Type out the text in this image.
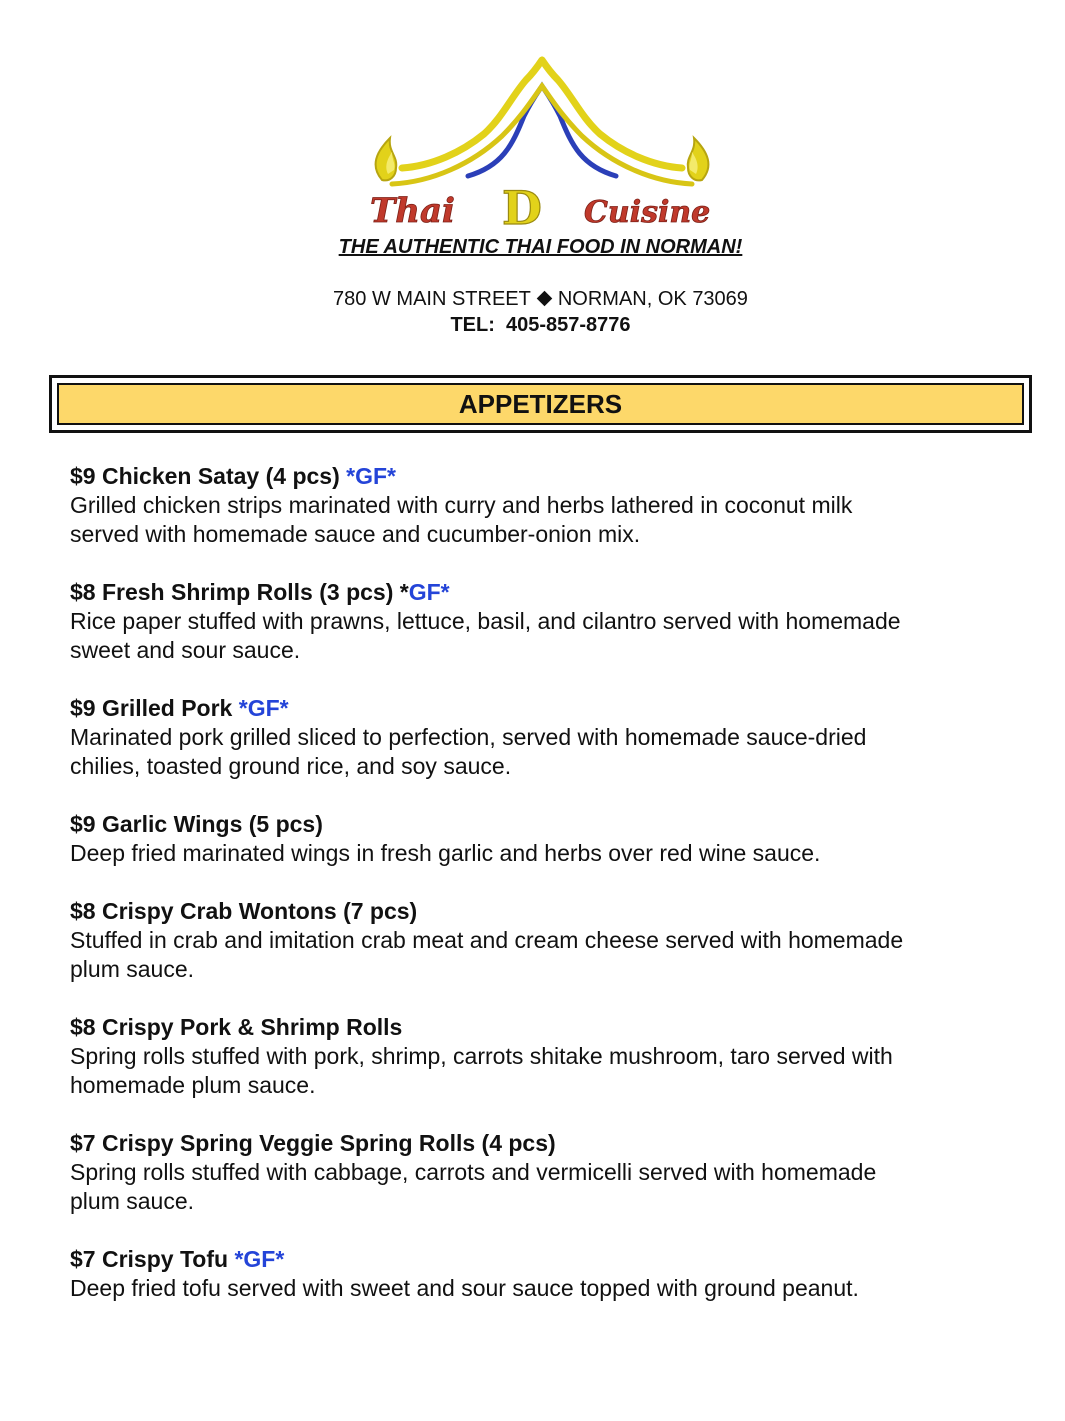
Thai D Cuisine
THE AUTHENTIC THAI FOOD IN NORMAN!
780 W MAIN STREET NORMAN, OK 73069
TEL:  405-857-8776
APPETIZERS
$9 Chicken Satay (4 pcs) *GF*
Grilled chicken strips marinated with curry and herbs lathered in coconut milk
served with homemade sauce and cucumber-onion mix.
$8 Fresh Shrimp Rolls (3 pcs) *GF*
Rice paper stuffed with prawns, lettuce, basil, and cilantro served with homemade
sweet and sour sauce.
$9 Grilled Pork *GF*
Marinated pork grilled sliced to perfection, served with homemade sauce-dried
chilies, toasted ground rice, and soy sauce.
$9 Garlic Wings (5 pcs)
Deep fried marinated wings in fresh garlic and herbs over red wine sauce.
$8 Crispy Crab Wontons (7 pcs)
Stuffed in crab and imitation crab meat and cream cheese served with homemade
plum sauce.
$8 Crispy Pork & Shrimp Rolls
Spring rolls stuffed with pork, shrimp, carrots shitake mushroom, taro served with
homemade plum sauce.
$7 Crispy Spring Veggie Spring Rolls (4 pcs)
Spring rolls stuffed with cabbage, carrots and vermicelli served with homemade
plum sauce.
$7 Crispy Tofu *GF*
Deep fried tofu served with sweet and sour sauce topped with ground peanut.
